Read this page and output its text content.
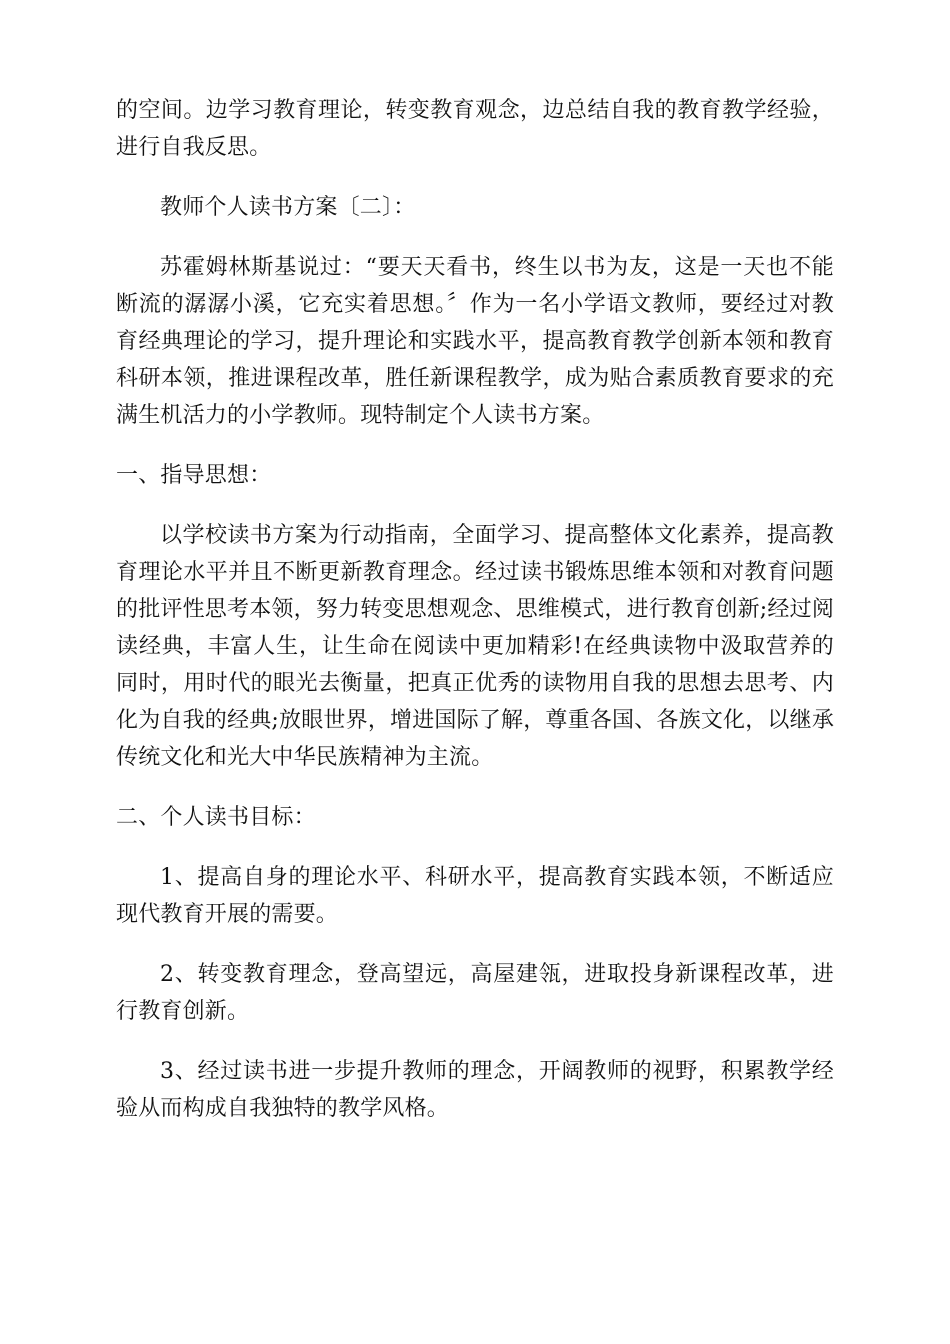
的空间。边学习教育理论，转变教育观念，边总结自我的教育教学经验，进行自我反思。

教师个人读书方案〔二〕：

苏霍姆林斯基说过：“要天天看书，终生以书为友，这是一天也不能断流的潺潺小溪，它充实着思想。〞作为一名小学语文教师，要经过对教育经典理论的学习，提升理论和实践水平，提高教育教学创新本领和教育科研本领，推进课程改革，胜任新课程教学，成为贴合素质教育要求的充满生机活力的小学教师。现特制定个人读书方案。

一、指导思想：

以学校读书方案为行动指南，全面学习、提高整体文化素养，提高教育理论水平并且不断更新教育理念。经过读书锻炼思维本领和对教育问题的批评性思考本领，努力转变思想观念、思维模式，进行教育创新;经过阅读经典，丰富人生，让生命在阅读中更加精彩!在经典读物中汲取营养的同时，用时代的眼光去衡量，把真正优秀的读物用自我的思想去思考、内化为自我的经典;放眼世界，增进国际了解，尊重各国、各族文化，以继承传统文化和光大中华民族精神为主流。

二、个人读书目标：

1、提高自身的理论水平、科研水平，提高教育实践本领，不断适应现代教育开展的需要。

2、转变教育理念，登高望远，高屋建瓴，进取投身新课程改革，进行教育创新。

3、经过读书进一步提升教师的理念，开阔教师的视野，积累教学经验从而构成自我独特的教学风格。
